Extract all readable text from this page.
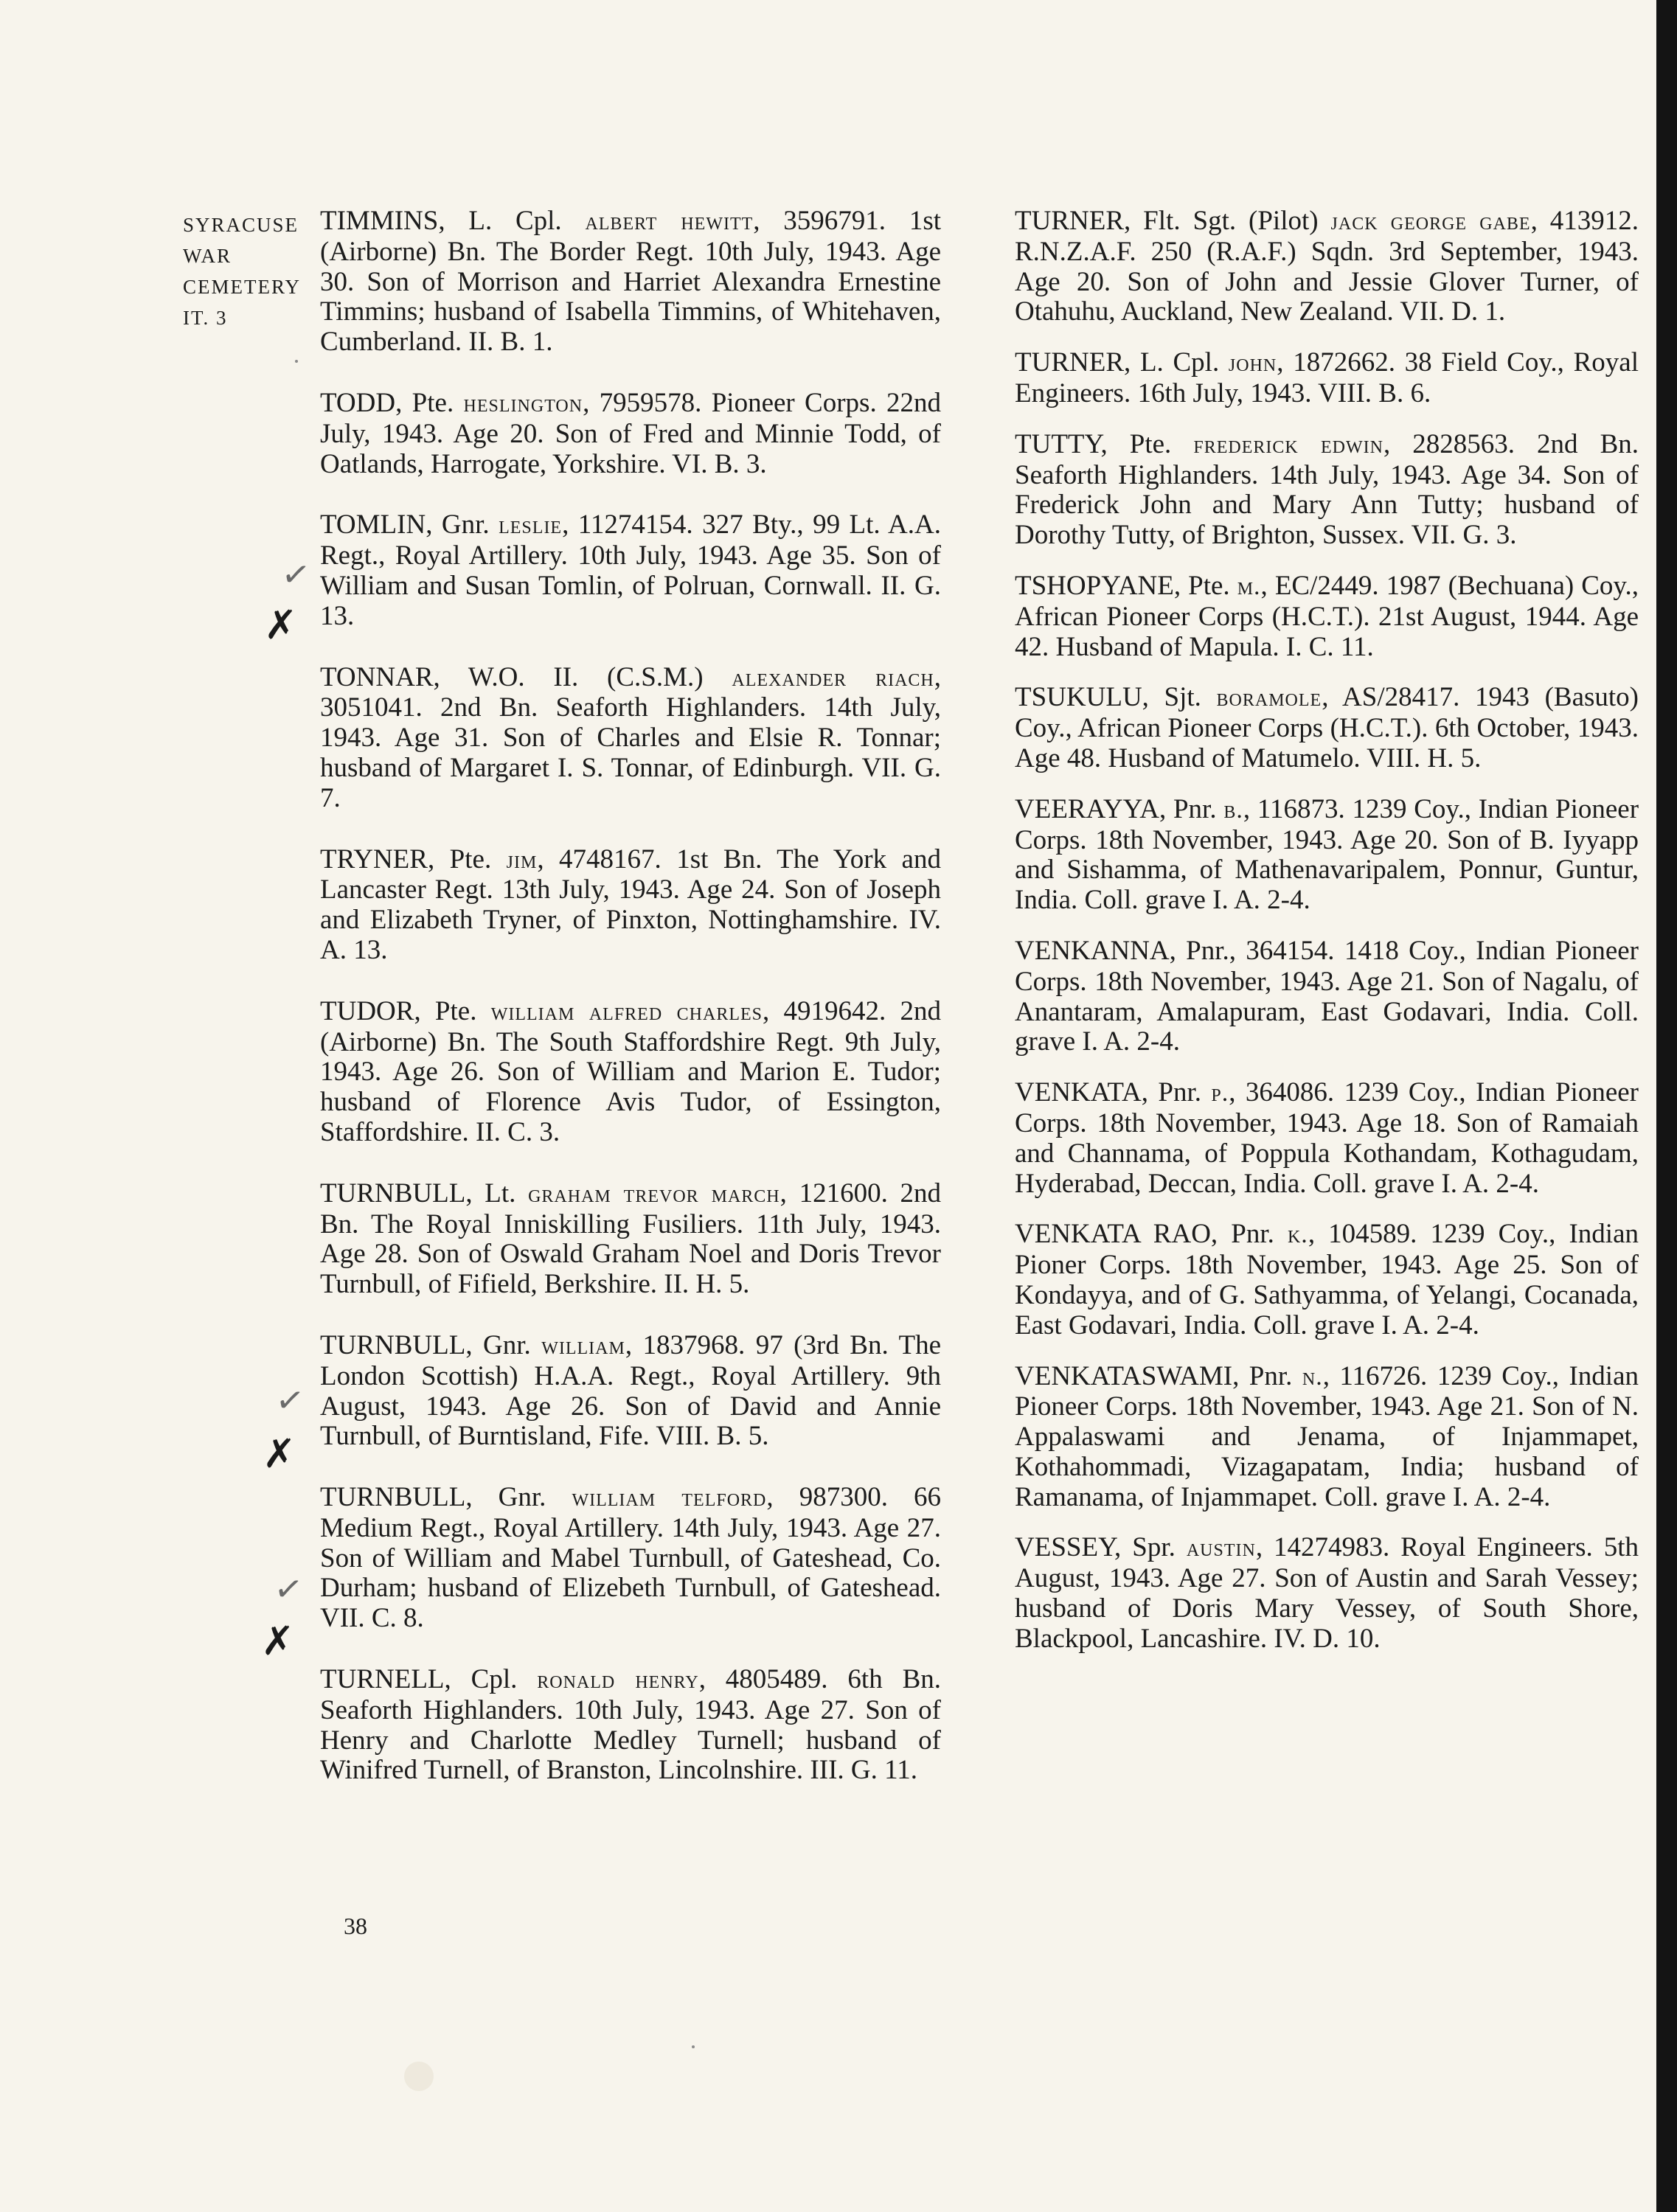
SYRACUSE
WAR
CEMETERY
IT. 3
TIMMINS, L. Cpl. albert hewitt, 3596791. 1st (Airborne) Bn. The Border Regt. 10th July, 1943. Age 30. Son of Morrison and Harriet Alexandra Ernestine Timmins; husband of Isabella Timmins, of Whitehaven, Cumberland. II. B. 1.
TODD, Pte. heslington, 7959578. Pioneer Corps. 22nd July, 1943. Age 20. Son of Fred and Minnie Todd, of Oatlands, Harrogate, Yorkshire. VI. B. 3.
TOMLIN, Gnr. leslie, 11274154. 327 Bty., 99 Lt. A.A. Regt., Royal Artillery. 10th July, 1943. Age 35. Son of William and Susan Tomlin, of Polruan, Cornwall. II. G. 13.
TONNAR, W.O. II. (C.S.M.) alexander riach, 3051041. 2nd Bn. Seaforth Highlanders. 14th July, 1943. Age 31. Son of Charles and Elsie R. Tonnar; husband of Margaret I. S. Tonnar, of Edinburgh. VII. G. 7.
TRYNER, Pte. jim, 4748167. 1st Bn. The York and Lancaster Regt. 13th July, 1943. Age 24. Son of Joseph and Elizabeth Tryner, of Pinxton, Nottinghamshire. IV. A. 13.
TUDOR, Pte. william alfred charles, 4919642. 2nd (Airborne) Bn. The South Staffordshire Regt. 9th July, 1943. Age 26. Son of William and Marion E. Tudor; husband of Florence Avis Tudor, of Essington, Staffordshire. II. C. 3.
TURNBULL, Lt. graham trevor march, 121600. 2nd Bn. The Royal Inniskilling Fusiliers. 11th July, 1943. Age 28. Son of Oswald Graham Noel and Doris Trevor Turnbull, of Fifield, Berkshire. II. H. 5.
TURNBULL, Gnr. william, 1837968. 97 (3rd Bn. The London Scottish) H.A.A. Regt., Royal Artillery. 9th August, 1943. Age 26. Son of David and Annie Turnbull, of Burntisland, Fife. VIII. B. 5.
TURNBULL, Gnr. william telford, 987300. 66 Medium Regt., Royal Artillery. 14th July, 1943. Age 27. Son of William and Mabel Turnbull, of Gateshead, Co. Durham; husband of Elizebeth Turnbull, of Gateshead. VII. C. 8.
TURNELL, Cpl. ronald henry, 4805489. 6th Bn. Seaforth Highlanders. 10th July, 1943. Age 27. Son of Henry and Charlotte Medley Turnell; husband of Winifred Turnell, of Branston, Lincolnshire. III. G. 11.
TURNER, Flt. Sgt. (Pilot) jack george gabe, 413912. R.N.Z.A.F. 250 (R.A.F.) Sqdn. 3rd September, 1943. Age 20. Son of John and Jessie Glover Turner, of Otahuhu, Auckland, New Zealand. VII. D. 1.
TURNER, L. Cpl. john, 1872662. 38 Field Coy., Royal Engineers. 16th July, 1943. VIII. B. 6.
TUTTY, Pte. frederick edwin, 2828563. 2nd Bn. Seaforth Highlanders. 14th July, 1943. Age 34. Son of Frederick John and Mary Ann Tutty; husband of Dorothy Tutty, of Brighton, Sussex. VII. G. 3.
TSHOPYANE, Pte. m., EC/2449. 1987 (Bechuana) Coy., African Pioneer Corps (H.C.T.). 21st August, 1944. Age 42. Husband of Mapula. I. C. 11.
TSUKULU, Sjt. boramole, AS/28417. 1943 (Basuto) Coy., African Pioneer Corps (H.C.T.). 6th October, 1943. Age 48. Husband of Matumelo. VIII. H. 5.
VEERAYYA, Pnr. b., 116873. 1239 Coy., Indian Pioneer Corps. 18th November, 1943. Age 20. Son of B. Iyyapp and Sishamma, of Mathenavaripalem, Ponnur, Guntur, India. Coll. grave I. A. 2-4.
VENKANNA, Pnr., 364154. 1418 Coy., Indian Pioneer Corps. 18th November, 1943. Age 21. Son of Nagalu, of Anantaram, Amalapuram, East Godavari, India. Coll. grave I. A. 2-4.
VENKATA, Pnr. p., 364086. 1239 Coy., Indian Pioneer Corps. 18th November, 1943. Age 18. Son of Ramaiah and Channama, of Poppula Kothandam, Kothagudam, Hyderabad, Deccan, India. Coll. grave I. A. 2-4.
VENKATA RAO, Pnr. k., 104589. 1239 Coy., Indian Pioner Corps. 18th November, 1943. Age 25. Son of Kondayya, and of G. Sathyamma, of Yelangi, Cocanada, East Godavari, India. Coll. grave I. A. 2-4.
VENKATASWAMI, Pnr. n., 116726. 1239 Coy., Indian Pioneer Corps. 18th November, 1943. Age 21. Son of N. Appalaswami and Jenama, of Injammapet, Kothahommadi, Vizagapatam, India; husband of Ramanama, of Injammapet. Coll. grave I. A. 2-4.
VESSEY, Spr. austin, 14274983. Royal Engineers. 5th August, 1943. Age 27. Son of Austin and Sarah Vessey; husband of Doris Mary Vessey, of South Shore, Blackpool, Lancashire. IV. D. 10.
✓
✗
✓
✗
✓
✗
38
